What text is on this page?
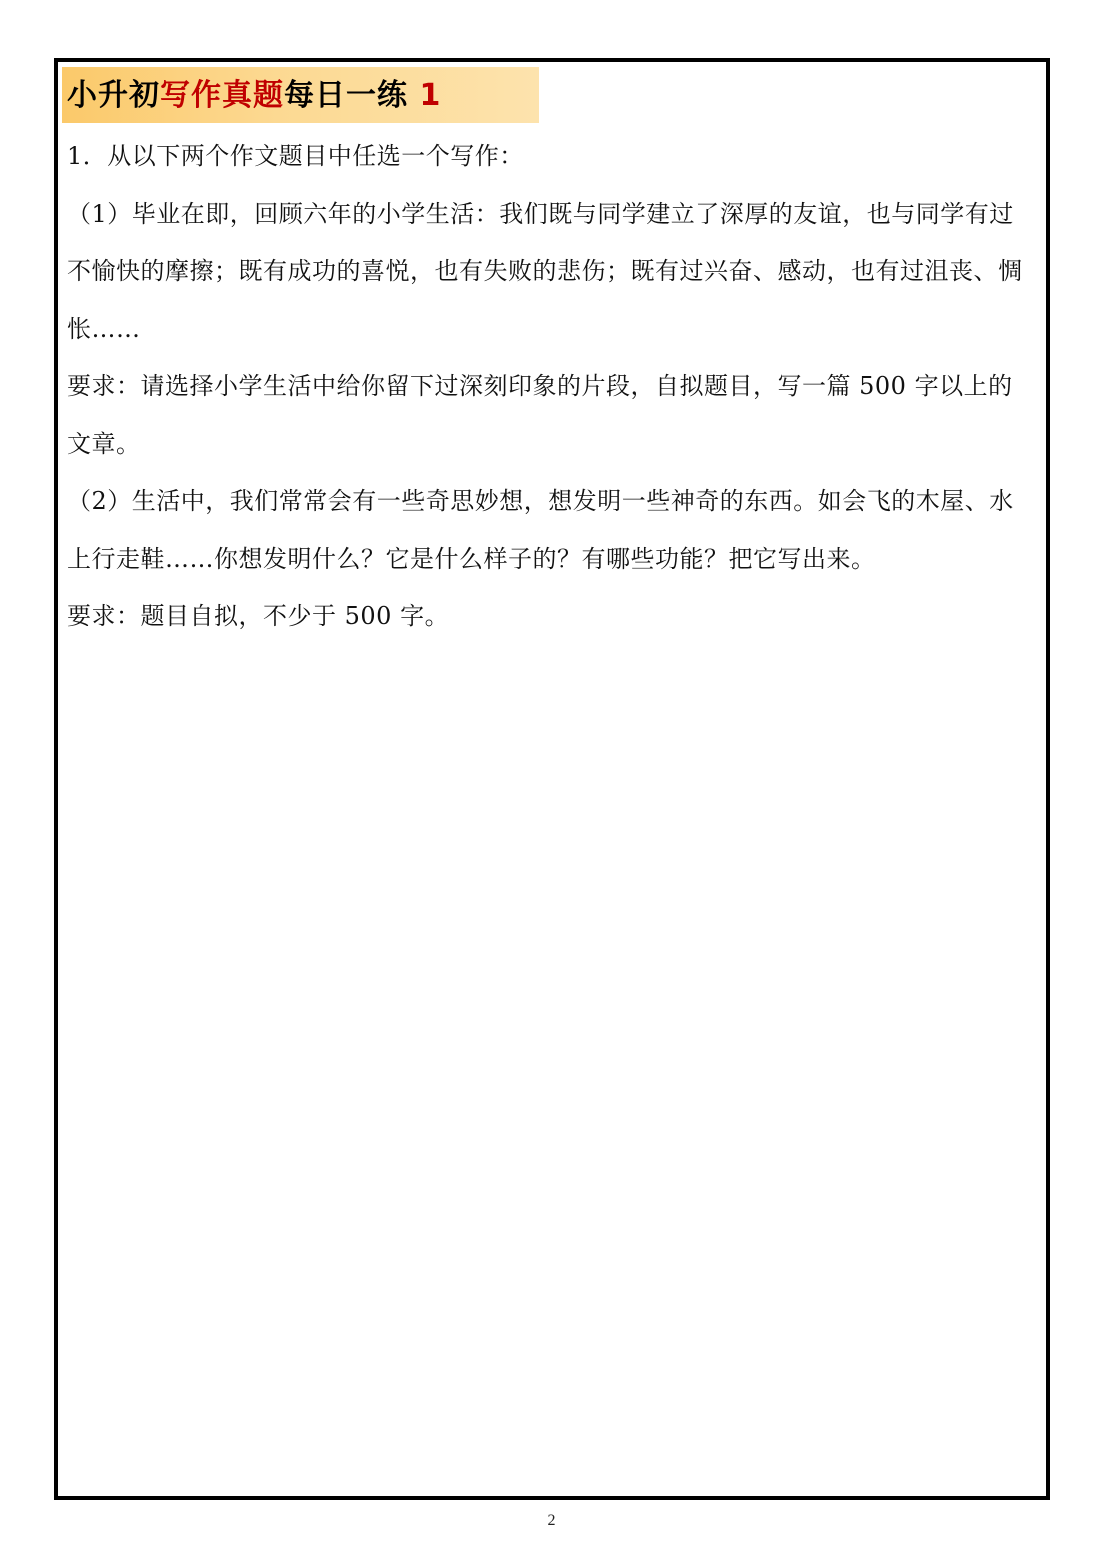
小升初写作真题每日一练 1

1．从以下两个作文题目中任选一个写作：

（1）毕业在即，回顾六年的小学生活：我们既与同学建立了深厚的友谊，也与同学有过不愉快的摩擦；既有成功的喜悦，也有失败的悲伤；既有过兴奋、感动，也有过沮丧、惆怅……

要求：请选择小学生活中给你留下过深刻印象的片段，自拟题目，写一篇 500 字以上的文章。

（2）生活中，我们常常会有一些奇思妙想，想发明一些神奇的东西。如会飞的木屋、水上行走鞋……你想发明什么？它是什么样子的？有哪些功能？把它写出来。

要求：题目自拟，不少于 500 字。

2
